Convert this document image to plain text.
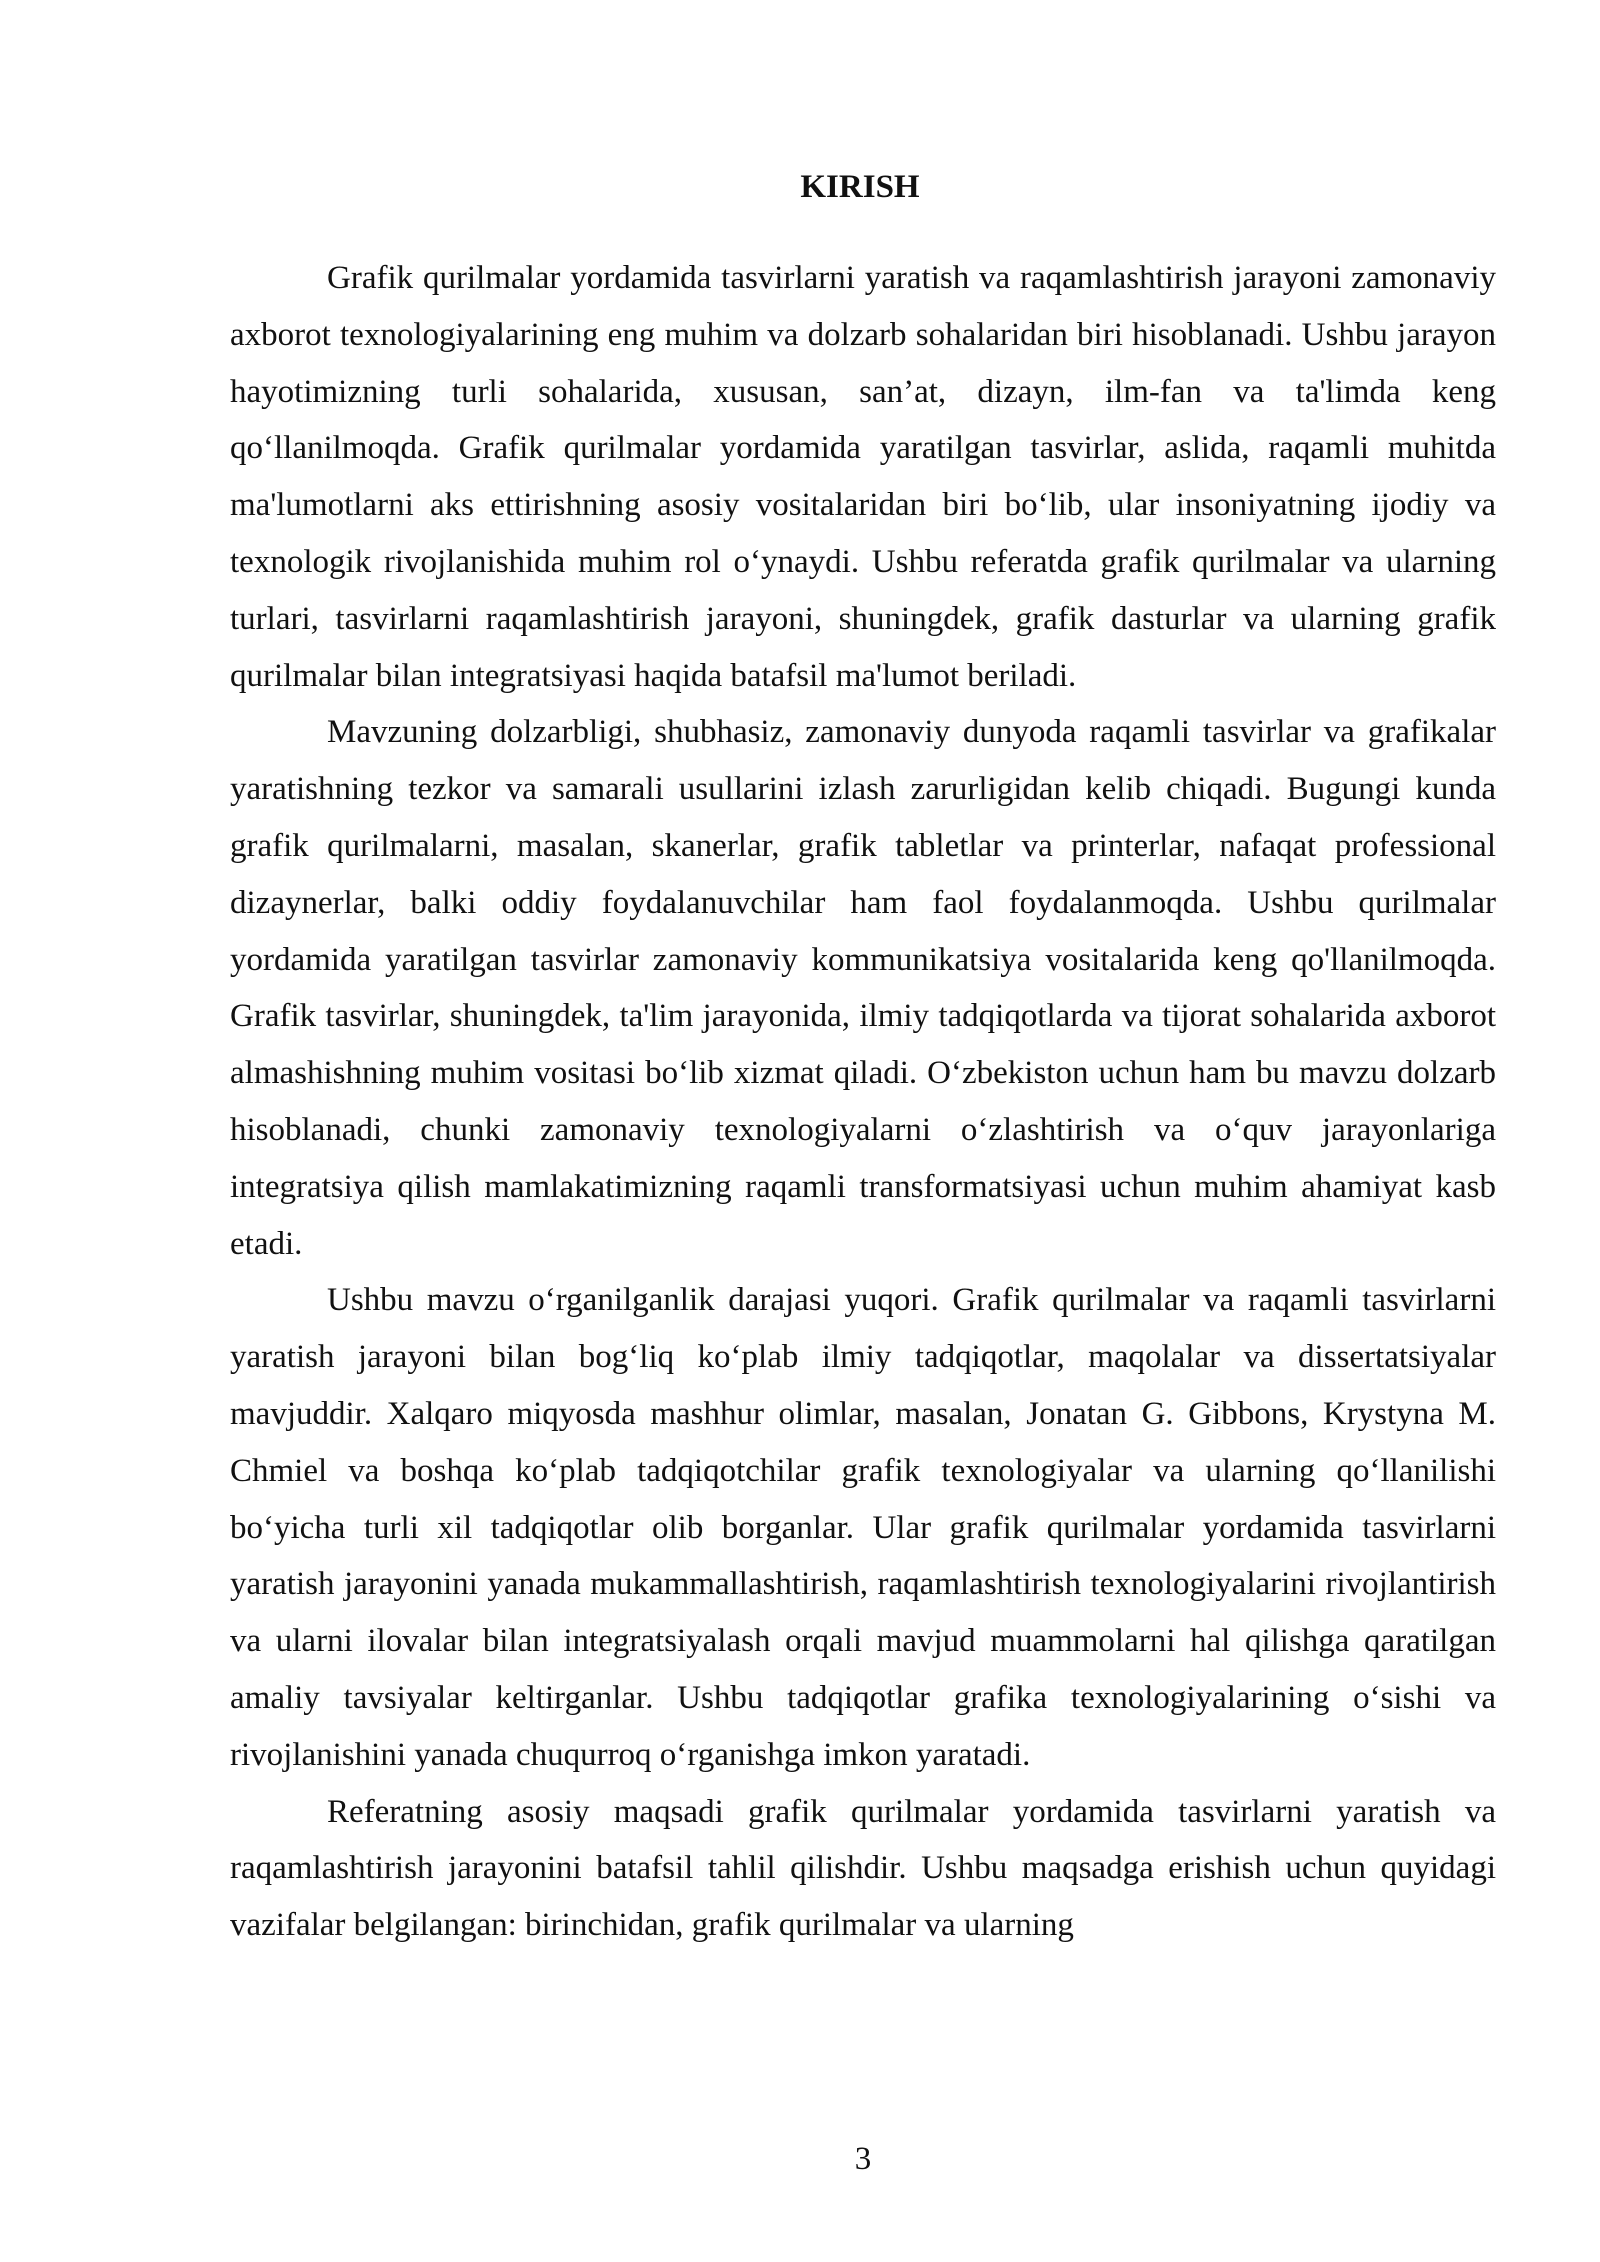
KIRISH

Grafik qurilmalar yordamida tasvirlarni yaratish va raqamlashtirish jarayoni zamonaviy axborot texnologiyalarining eng muhim va dolzarb sohalaridan biri hisoblanadi. Ushbu jarayon hayotimizning turli sohalarida, xususan, san’at, dizayn, ilm-fan va ta'limda keng qo‘llanilmoqda. Grafik qurilmalar yordamida yaratilgan tasvirlar, aslida, raqamli muhitda ma'lumotlarni aks ettirishning asosiy vositalaridan biri bo‘lib, ular insoniyatning ijodiy va texnologik rivojlanishida muhim rol o‘ynaydi. Ushbu referatda grafik qurilmalar va ularning turlari, tasvirlarni raqamlashtirish jarayoni, shuningdek, grafik dasturlar va ularning grafik qurilmalar bilan integratsiyasi haqida batafsil ma'lumot beriladi.

Mavzuning dolzarbligi, shubhasiz, zamonaviy dunyoda raqamli tasvirlar va grafikalar yaratishning tezkor va samarali usullarini izlash zarurligidan kelib chiqadi. Bugungi kunda grafik qurilmalarni, masalan, skanerlar, grafik tabletlar va printerlar, nafaqat professional dizaynerlar, balki oddiy foydalanuvchilar ham faol foydalanmoqda. Ushbu qurilmalar yordamida yaratilgan tasvirlar zamonaviy kommunikatsiya vositalarida keng qo'llanilmoqda. Grafik tasvirlar, shuningdek, ta'lim jarayonida, ilmiy tadqiqotlarda va tijorat sohalarida axborot almashishning muhim vositasi bo‘lib xizmat qiladi. O‘zbekiston uchun ham bu mavzu dolzarb hisoblanadi, chunki zamonaviy texnologiyalarni o‘zlashtirish va o‘quv jarayonlariga integratsiya qilish mamlakatimizning raqamli transformatsiyasi uchun muhim ahamiyat kasb etadi.

Ushbu mavzu o‘rganilganlik darajasi yuqori. Grafik qurilmalar va raqamli tasvirlarni yaratish jarayoni bilan bog‘liq ko‘plab ilmiy tadqiqotlar, maqolalar va dissertatsiyalar mavjuddir. Xalqaro miqyosda mashhur olimlar, masalan, Jonatan G. Gibbons, Krystyna M. Chmiel va boshqa ko‘plab tadqiqotchilar grafik texnologiyalar va ularning qo‘llanilishi bo‘yicha turli xil tadqiqotlar olib borganlar. Ular grafik qurilmalar yordamida tasvirlarni yaratish jarayonini yanada mukammallashtirish, raqamlashtirish texnologiyalarini rivojlantirish va ularni ilovalar bilan integratsiyalash orqali mavjud muammolarni hal qilishga qaratilgan amaliy tavsiyalar keltirganlar. Ushbu tadqiqotlar grafika texnologiyalarining o‘sishi va rivojlanishini yanada chuqurroq o‘rganishga imkon yaratadi.

Referatning asosiy maqsadi grafik qurilmalar yordamida tasvirlarni yaratish va raqamlashtirish jarayonini batafsil tahlil qilishdir. Ushbu maqsadga erishish uchun quyidagi vazifalar belgilangan: birinchidan, grafik qurilmalar va ularning

3
